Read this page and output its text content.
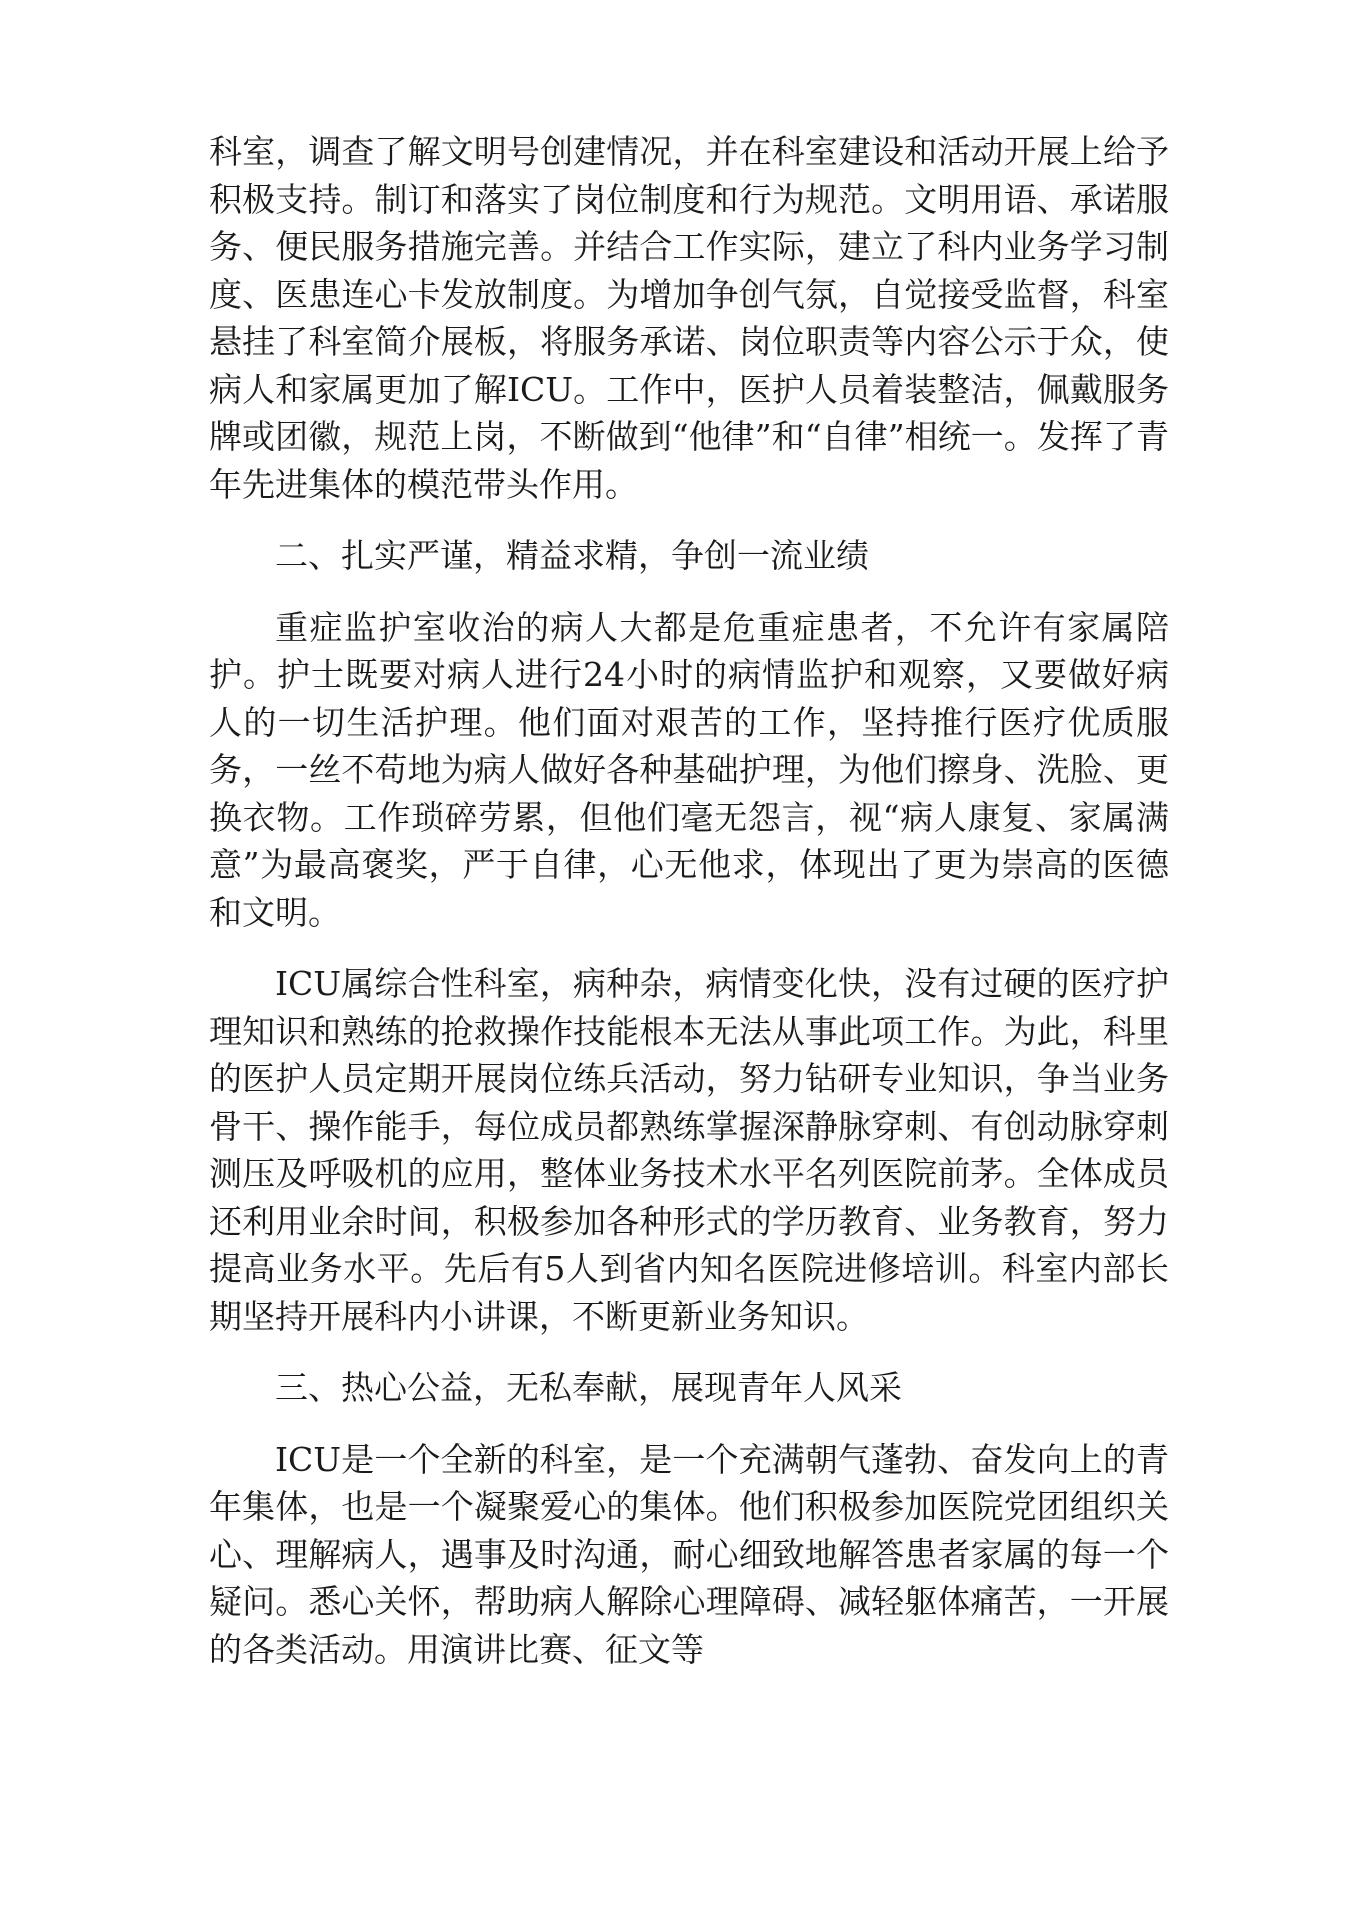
科室，调查了解文明号创建情况，并在科室建设和活动开展上给予积极支持。制订和落实了岗位制度和行为规范。文明用语、承诺服务、便民服务措施完善。并结合工作实际，建立了科内业务学习制度、医患连心卡发放制度。为增加争创气氛，自觉接受监督，科室悬挂了科室简介展板，将服务承诺、岗位职责等内容公示于众，使病人和家属更加了解ICU。工作中，医护人员着装整洁，佩戴服务牌或团徽，规范上岗，不断做到“他律”和“自律”相统一。发挥了青年先进集体的模范带头作用。

二、扎实严谨，精益求精，争创一流业绩

重症监护室收治的病人大都是危重症患者，不允许有家属陪护。护士既要对病人进行24小时的病情监护和观察，又要做好病人的一切生活护理。他们面对艰苦的工作，坚持推行医疗优质服务，一丝不苟地为病人做好各种基础护理，为他们擦身、洗脸、更换衣物。工作琐碎劳累，但他们毫无怨言，视“病人康复、家属满意”为最高褒奖，严于自律，心无他求，体现出了更为崇高的医德和文明。

ICU属综合性科室，病种杂，病情变化快，没有过硬的医疗护理知识和熟练的抢救操作技能根本无法从事此项工作。为此，科里的医护人员定期开展岗位练兵活动，努力钻研专业知识，争当业务骨干、操作能手，每位成员都熟练掌握深静脉穿刺、有创动脉穿刺测压及呼吸机的应用，整体业务技术水平名列医院前茅。全体成员还利用业余时间，积极参加各种形式的学历教育、业务教育，努力提高业务水平。先后有5人到省内知名医院进修培训。科室内部长期坚持开展科内小讲课，不断更新业务知识。

三、热心公益，无私奉献，展现青年人风采

ICU是一个全新的科室，是一个充满朝气蓬勃、奋发向上的青年集体，也是一个凝聚爱心的集体。他们积极参加医院党团组织关心、理解病人，遇事及时沟通，耐心细致地解答患者家属的每一个疑问。悉心关怀，帮助病人解除心理障碍、减轻躯体痛苦，一开展的各类活动。用演讲比赛、征文等
